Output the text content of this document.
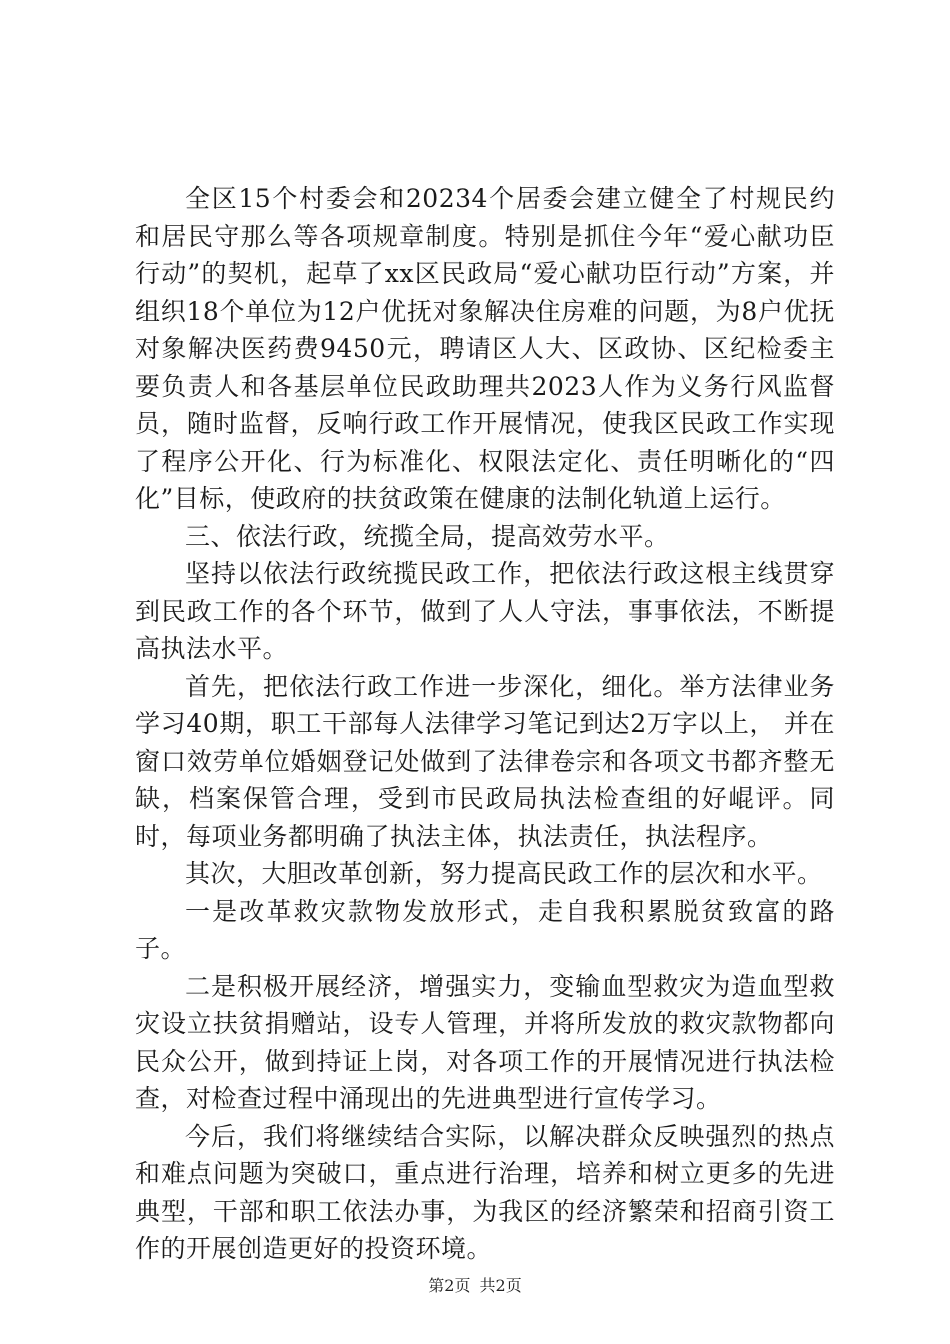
全区15个村委会和20234个居委会建立健全了村规民约和居民守那么等各项规章制度。特别是抓住今年“爱心献功臣行动”的契机，起草了xx区民政局“爱心献功臣行动”方案，并组织18个单位为12户优抚对象解决住房难的问题，为8户优抚对象解决医药费9450元，聘请区人大、区政协、区纪检委主要负责人和各基层单位民政助理共2023人作为义务行风监督员，随时监督，反响行政工作开展情况，使我区民政工作实现了程序公开化、行为标准化、权限法定化、责任明晰化的“四化”目标，使政府的扶贫政策在健康的法制化轨道上运行。

三、依法行政，统揽全局，提高效劳水平。

坚持以依法行政统揽民政工作，把依法行政这根主线贯穿到民政工作的各个环节，做到了人人守法，事事依法，不断提高执法水平。

首先，把依法行政工作进一步深化，细化。举方法律业务学习40期，职工干部每人法律学习笔记到达2万字以上， 并在窗口效劳单位婚姻登记处做到了法律卷宗和各项文书都齐整无缺，档案保管合理，受到市民政局执法检查组的好崐评。同时，每项业务都明确了执法主体，执法责任，执法程序。

其次，大胆改革创新，努力提高民政工作的层次和水平。

一是改革救灾款物发放形式，走自我积累脱贫致富的路子。

二是积极开展经济，增强实力，变输血型救灾为造血型救灾设立扶贫捐赠站，设专人管理，并将所发放的救灾款物都向民众公开，做到持证上岗，对各项工作的开展情况进行执法检查，对检查过程中涌现出的先进典型进行宣传学习。

今后，我们将继续结合实际，以解决群众反映强烈的热点和难点问题为突破口，重点进行治理，培养和树立更多的先进典型，干部和职工依法办事，为我区的经济繁荣和招商引资工作的开展创造更好的投资环境。

第2页 共2页
